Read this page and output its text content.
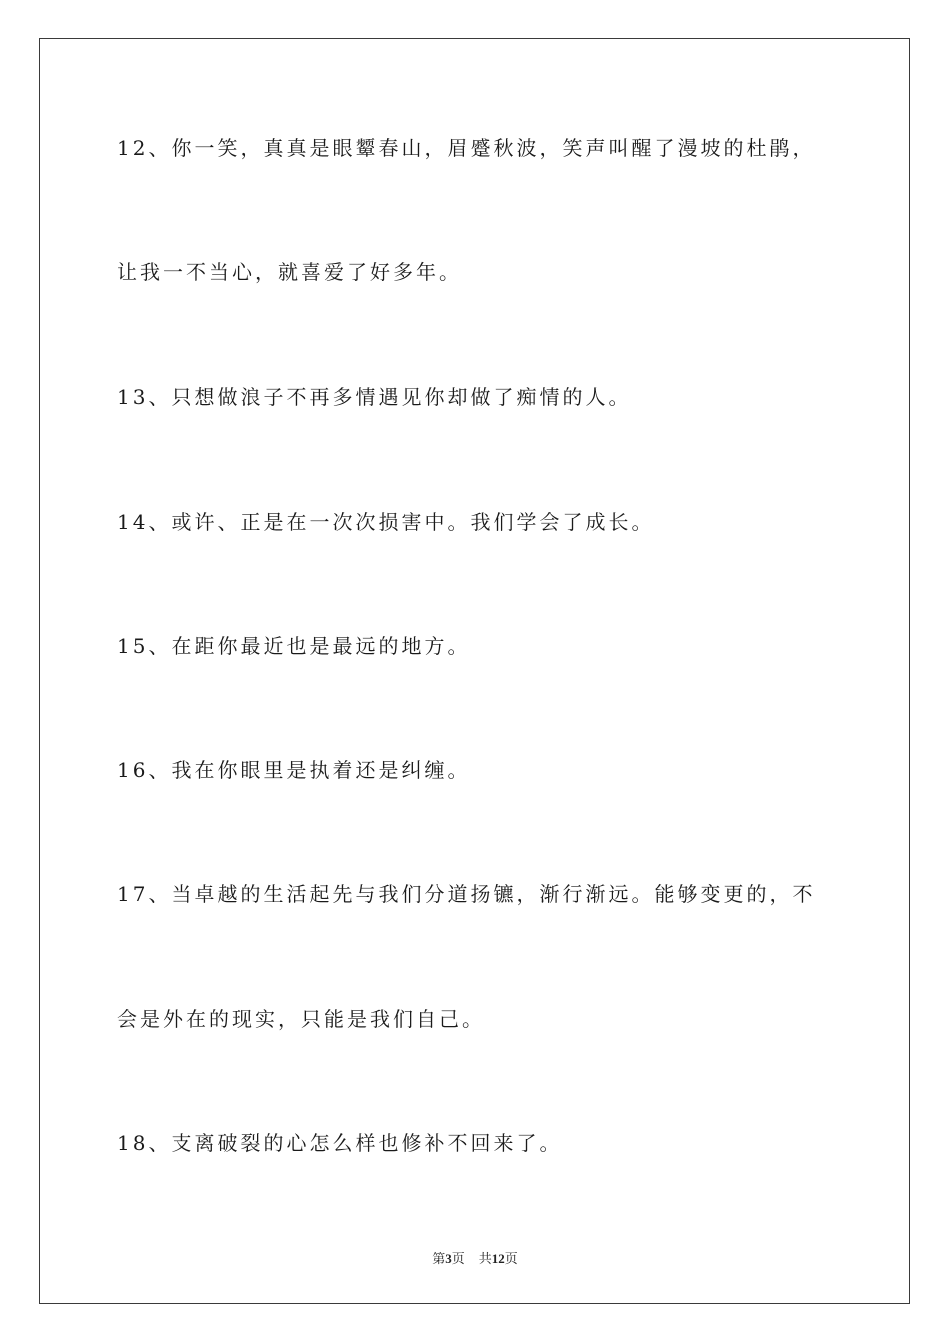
12、你一笑，真真是眼颦春山，眉蹙秋波，笑声叫醒了漫坡的杜鹃，
让我一不当心，就喜爱了好多年。
13、只想做浪子不再多情遇见你却做了痴情的人。
14、或许、正是在一次次损害中。我们学会了成长。
15、在距你最近也是最远的地方。
16、我在你眼里是执着还是纠缠。
17、当卓越的生活起先与我们分道扬镳，渐行渐远。能够变更的，不
会是外在的现实，只能是我们自己。
18、支离破裂的心怎么样也修补不回来了。
第3页 共12页
